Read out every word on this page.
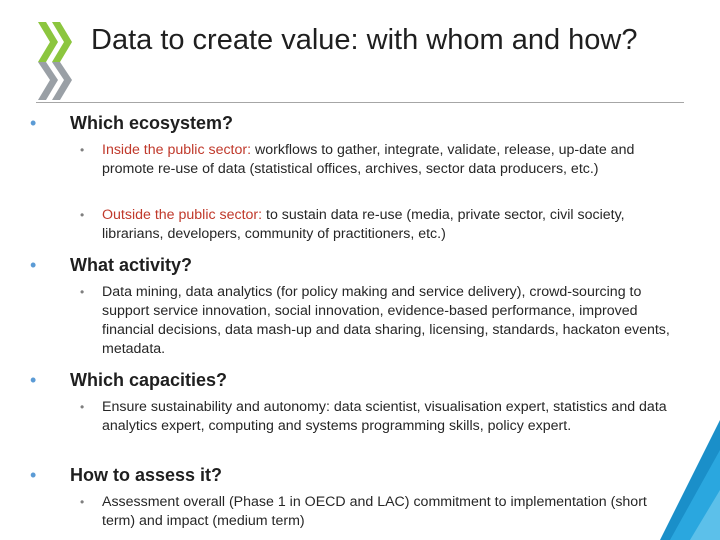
Data to create value: with whom and how?
• Which ecosystem?
• Inside the public sector: workflows to gather, integrate, validate, release, up-date and promote re-use of data (statistical offices, archives, sector data producers, etc.)
• Outside the public sector: to sustain data re-use (media, private sector, civil society, librarians, developers, community of practitioners, etc.)
• What activity?
• Data mining, data analytics (for policy making and service delivery), crowd-sourcing to support service innovation, social innovation, evidence-based performance, improved financial decisions, data mash-up and data sharing, licensing, standards, hackaton events, metadata.
• Which capacities?
• Ensure sustainability and autonomy: data scientist, visualisation expert, statistics and data analytics expert, computing and systems programming skills, policy expert.
• How to assess it?
• Assessment overall (Phase 1 in OECD and LAC) commitment to implementation (short term) and impact (medium term)
